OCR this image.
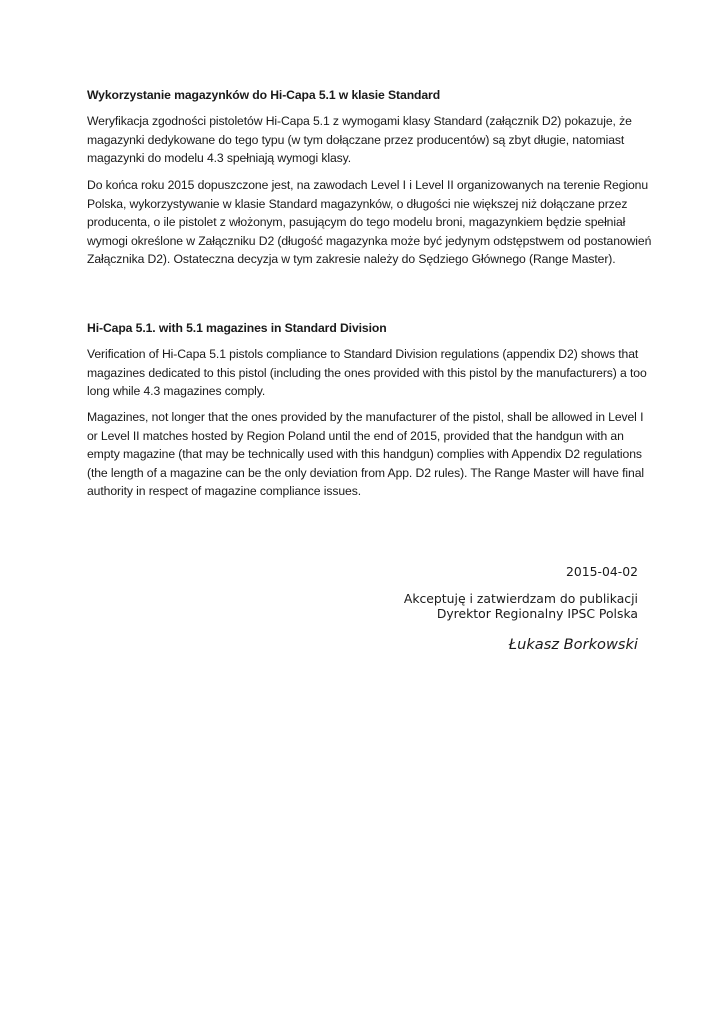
Wykorzystanie magazynków do Hi-Capa 5.1 w klasie Standard

Weryfikacja zgodności pistoletów Hi-Capa 5.1 z wymogami klasy Standard (załącznik D2) pokazuje, że magazynki dedykowane do tego typu (w tym dołączane przez producentów) są zbyt długie, natomiast magazynki do modelu 4.3 spełniają wymogi klasy.

Do końca roku 2015 dopuszczone jest, na zawodach Level I i Level II organizowanych na terenie Regionu Polska, wykorzystywanie w klasie Standard magazynków, o długości nie większej niż dołączane przez producenta, o ile pistolet z włożonym, pasującym do tego modelu broni, magazynkiem będzie spełniał wymogi określone w Załączniku D2 (długość magazynka może być jedynym odstępstwem od postanowień Załącznika D2). Ostateczna decyzja w tym zakresie należy do Sędziego Głównego (Range Master).

Hi-Capa 5.1. with 5.1 magazines in Standard Division

Verification of Hi-Capa 5.1 pistols compliance to Standard Division regulations (appendix D2) shows that magazines dedicated to this pistol (including the ones provided with this pistol by the manufacturers) a too long while 4.3 magazines comply.

Magazines, not longer that the ones provided by the manufacturer of the pistol, shall be allowed in Level I or Level II matches hosted by Region Poland until the end of 2015, provided that the handgun with an empty magazine (that may be technically used with this handgun) complies with Appendix D2 regulations (the length of a magazine can be the only deviation from App. D2 rules). The Range Master will have final authority in respect of magazine compliance issues.

2015-04-02

Akceptuję i zatwierdzam do publikacji

Dyrektor Regionalny IPSC Polska

Łukasz Borkowski
